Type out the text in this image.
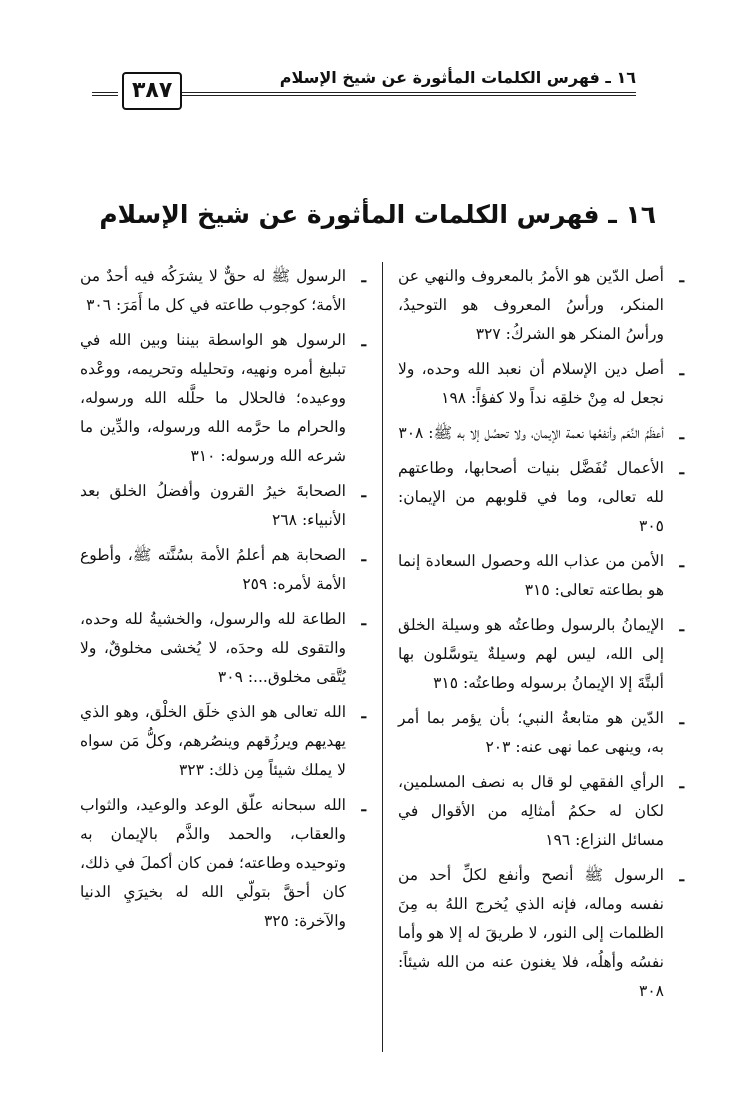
١٦ ـ فهرس الكلمات المأثورة عن شيخ الإسلام
٣٨٧
١٦ ـ فهرس الكلمات المأثورة عن شيخ الإسلام
ـ
أصل الدّين هو الأمرُ بالمعروف والنهي عن المنكر، ورأسُ المعروف هو التوحيدُ، ورأسُ المنكر هو الشركُ: ٣٢٧
ـ
أصل دين الإسلام أن نعبد الله وحده، ولا نجعل له مِنْ خلقِه نداً ولا كفؤاً: ١٩٨
ـ
أعظَمُ النِّعَم وأنفعُها نعمة الإيمان، ولا تحصُل إلا به ﷺ: ٣٠٨
ـ
الأعمال تُفَضَّل بنيات أصحابها، وطاعتهم لله تعالى، وما في قلوبهم من الإيمان: ٣٠٥
ـ
الأمن من عذاب الله وحصول السعادة إنما هو بطاعته تعالى: ٣١٥
ـ
الإيمانُ بالرسول وطاعتُه هو وسيلة الخلق إلى الله، ليس لهم وسيلةٌ يتوسَّلون بها ألبتَّةَ إلا الإيمانُ برسوله وطاعتُه: ٣١٥
ـ
الدّين هو متابعةُ النبي؛ بأن يؤمر بما أمر به، وينهى عما نهى عنه: ٢٠٣
ـ
الرأي الفقهي لو قال به نصف المسلمين، لكان له حكمُ أمثالِه من الأقوال في مسائل النزاع: ١٩٦
ـ
الرسول ﷺ أنصح وأنفع لكلِّ أحد من نفسه وماله، فإنه الذي يُخرج اللهُ به مِنَ الظلمات إلى النور، لا طريقَ له إلا هو وأما نفسُه وأهلُه، فلا يغنون عنه من الله شيئاً: ٣٠٨
ـ
الرسول ﷺ له حقٌّ لا يشرَكُه فيه أحدٌ من الأمة؛ كوجوب طاعته في كل ما أَمَرَ: ٣٠٦
ـ
الرسول هو الواسطة بيننا وبين الله في تبليغ أمره ونهيه، وتحليله وتحريمه، ووعْده ووعيده؛ فالحلال ما حلَّله الله ورسوله، والحرام ما حرَّمه الله ورسوله، والدِّين ما شرعه الله ورسوله: ٣١٠
ـ
الصحابةَ خيرُ القرون وأفضلُ الخلق بعد الأنبياء: ٢٦٨
ـ
الصحابة هم أعلمُ الأمة بسُنَّته ﷺ، وأطوع الأمة لأمره: ٢٥٩
ـ
الطاعة لله والرسول، والخشيةُ لله وحده، والتقوى لله وحدَه، لا يُخشى مخلوقٌ، ولا يُتَّقى مخلوق...: ٣٠٩
ـ
الله تعالى هو الذي خلَق الخلْق، وهو الذي يهديهم ويرزُقهم وينصُرهم، وكلُّ مَن سواه لا يملك شيئاً مِن ذلك: ٣٢٣
ـ
الله سبحانه علّق الوعد والوعيد، والثواب والعقاب، والحمد والذَّم بالإيمان به وتوحيده وطاعته؛ فمن كان أكملَ في ذلك، كان أحقَّ بتولّي الله له بخيرَيِ الدنيا والآخرة: ٣٢٥
